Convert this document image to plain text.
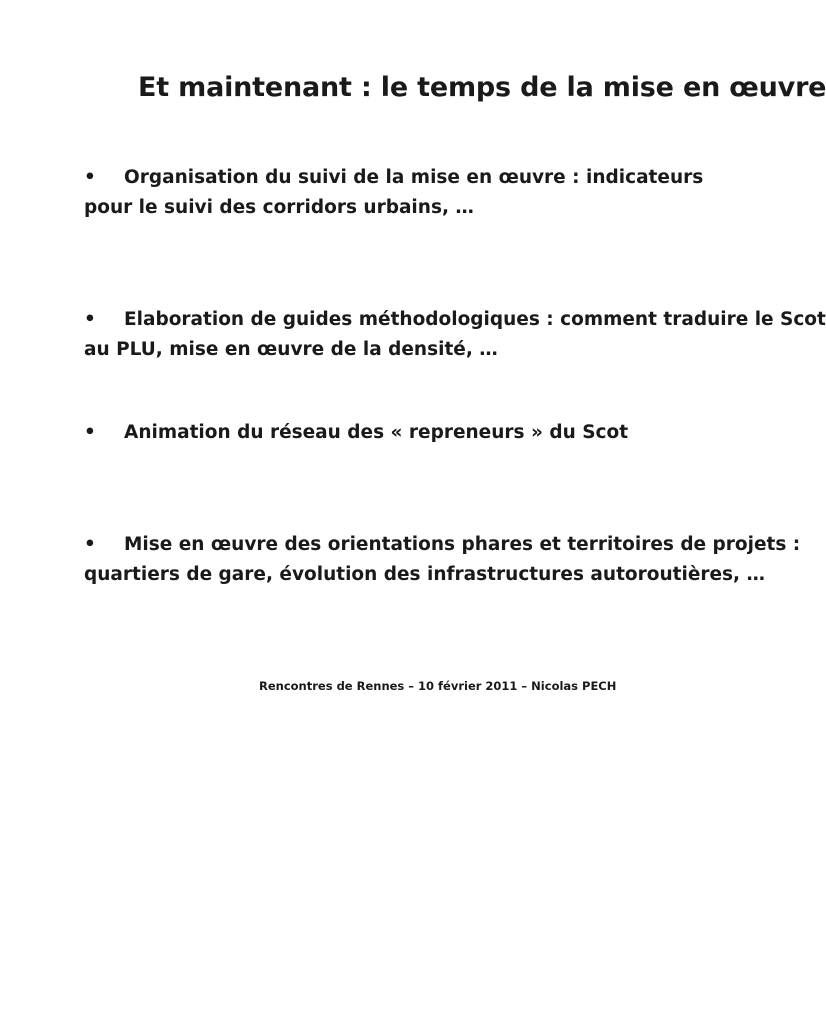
Et maintenant : le temps de la mise en œuvre
• Organisation du suivi de la mise en œuvre : indicateurs
pour le suivi des corridors urbains, …
• Elaboration de guides méthodologiques : comment traduire le Scot
au PLU, mise en œuvre de la densité, …
• Animation du réseau des « repreneurs » du Scot
• Mise en œuvre des orientations phares et territoires de projets :
quartiers de gare, évolution des infrastructures autoroutières, …
Rencontres de Rennes – 10 février 2011 – Nicolas PECH
